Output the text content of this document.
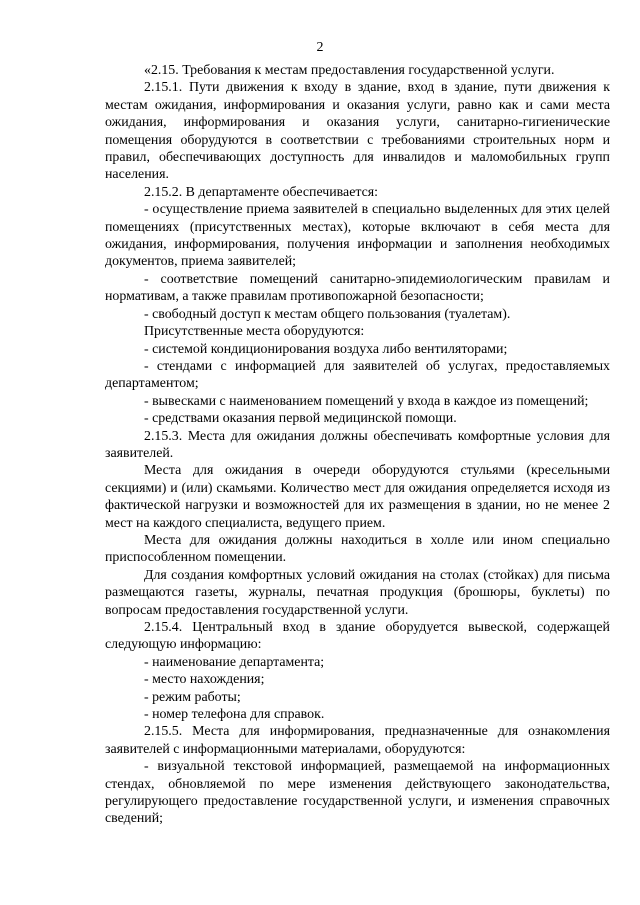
2

«2.15. Требования к местам предоставления государственной услуги.

2.15.1. Пути движения к входу в здание, вход в здание, пути движения к местам ожидания, информирования и оказания услуги, равно как и сами места ожидания, информирования и оказания услуги, санитарно-гигиенические помещения оборудуются в соответствии с требованиями строительных норм и правил, обеспечивающих доступность для инвалидов и маломобильных групп населения.

2.15.2. В департаменте обеспечивается:

- осуществление приема заявителей в специально выделенных для этих целей помещениях (присутственных местах), которые включают в себя места для ожидания, информирования, получения информации и заполнения необходимых документов, приема заявителей;

- соответствие помещений санитарно-эпидемиологическим правилам и нормативам, а также правилам противопожарной безопасности;

- свободный доступ к местам общего пользования (туалетам).

Присутственные места оборудуются:

- системой кондиционирования воздуха либо вентиляторами;

- стендами с информацией для заявителей об услугах, предоставляемых департаментом;

- вывесками с наименованием помещений у входа в каждое из помещений;

- средствами оказания первой медицинской помощи.

2.15.3. Места для ожидания должны обеспечивать комфортные условия для заявителей.

Места для ожидания в очереди оборудуются стульями (кресельными секциями) и (или) скамьями. Количество мест для ожидания определяется исходя из фактической нагрузки и возможностей для их размещения в здании, но не менее 2 мест на каждого специалиста, ведущего прием.

Места для ожидания должны находиться в холле или ином специально приспособленном помещении.

Для создания комфортных условий ожидания на столах (стойках) для письма размещаются газеты, журналы, печатная продукция (брошюры, буклеты) по вопросам предоставления государственной услуги.

2.15.4. Центральный вход в здание оборудуется вывеской, содержащей следующую информацию:

- наименование департамента;

- место нахождения;

- режим работы;

- номер телефона для справок.

2.15.5. Места для информирования, предназначенные для ознакомления заявителей с информационными материалами, оборудуются:

- визуальной текстовой информацией, размещаемой на информационных стендах, обновляемой по мере изменения действующего законодательства, регулирующего предоставление государственной услуги, и изменения справочных сведений;
